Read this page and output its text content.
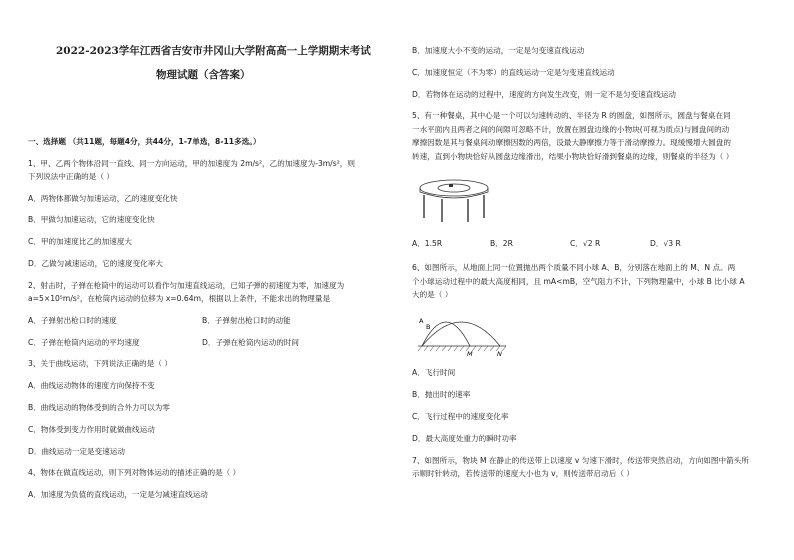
2022-2023学年江西省吉安市井冈山大学附高高一上学期期末考试
物理试题（含答案）
一、选择题 （共11题，每题4分，共44分，1-7单选，8-11多选。）
1、甲、乙两个物体沿同一直线、同一方向运动，甲的加速度为 2m/s²，乙的加速度为-3m/s²，则
下列说法中正确的是（ ）
A．两物体都做匀加速运动，乙的速度变化快
B．甲做匀加速运动，它的速度变化快
C．甲的加速度比乙的加速度大
D．乙做匀减速运动，它的速度变化率大
2、射击时，子弹在枪筒中的运动可以看作匀加速直线运动，已知子弹的初速度为零，加速度为
a=5×10⁵m/s²，在枪筒内运动的位移为 x=0.64m，根据以上条件，不能求出的物理量是
A．子弹射出枪口时的速度	B．子弹射出枪口时的动能
C．子弹在枪筒内运动的平均速度	D．子弹在枪筒内运动的时间
3、关于曲线运动，下列说法正确的是（ ）
A．曲线运动物体的速度方向保持不变
B．曲线运动的物体受到的合外力可以为零
C．物体受到变力作用时就做曲线运动
D．曲线运动一定是变速运动
4、物体在做直线运动，则下列对物体运动的描述正确的是（ ）
A．加速度为负值的直线运动，一定是匀减速直线运动
B．加速度大小不变的运动，一定是匀变速直线运动
C．加速度恒定（不为零）的直线运动一定是匀变速直线运动
D．若物体在运动的过程中，速度的方向发生改变，则一定不是匀变速直线运动
5、有一种餐桌，其中心是一个可以匀速转动的、半径为 R 的圆盘，如图所示，圆盘与餐桌在同
一水平面内且两者之间的间隙可忽略不计，放置在圆盘边缘的小物块(可视为质点)与圆盘间的动
摩擦因数是其与餐桌间动摩擦因数的两倍，设最大静摩擦力等于滑动摩擦力。现缓慢增大圆盘的
转速，直到小物块恰好从圆盘边缘滑出，结果小物块恰好滑到餐桌的边缘，则餐桌的半径为（ ）
A．1.5R	B．2R	C．√2 R	D．√3 R
6、如图所示，从地面上同一位置抛出两个质量不同小球 A、B，分别落在地面上的 M、N 点。两
个小球运动过程中的最大高度相同，且 mA<mB，空气阻力不计，下列物理量中，小球 B 比小球 A
大的是（ ）
A
B
M	N
A．飞行时间
B．抛出时的速率
C．飞行过程中的速度变化率
D．最大高度处重力的瞬时功率
7、如图所示，物块 M 在静止的传送带上以速度 v 匀速下滑时，传送带突然启动，方向如图中箭头所
示顺时针转动，若传送带的速度大小也为 v，则传送带启动后（ ）
